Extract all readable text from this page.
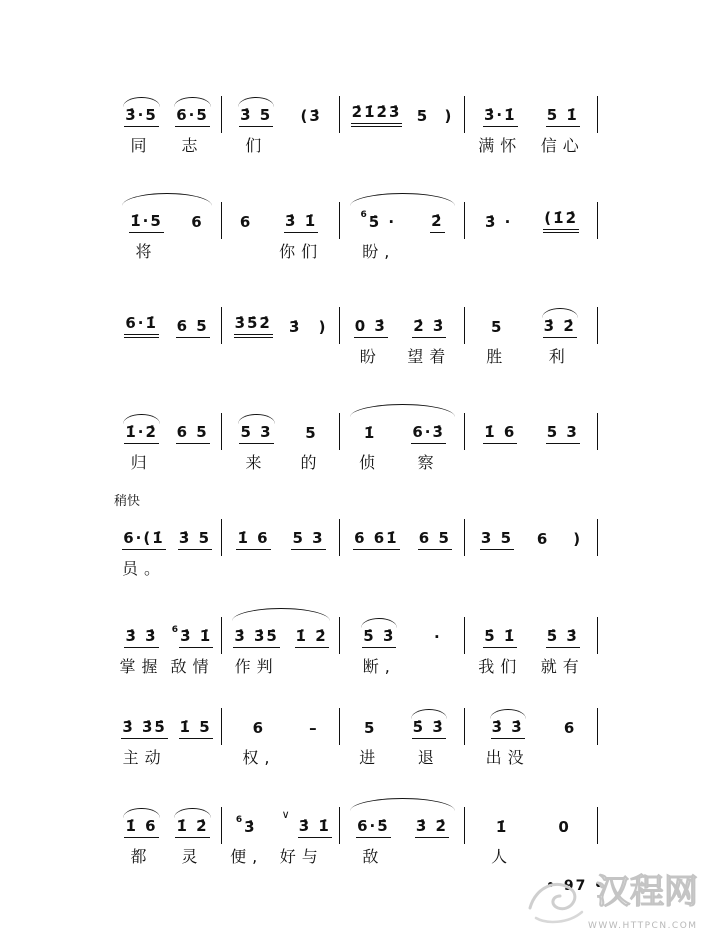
3̇·5
同
6·5
志
3̇ 5
们
(3̇ 2̇1̇2̇3̇ 5 ) 3̇·1̇
满怀
5 1̇
信心
1̇·5
将
6 6 3̇ 1̇
你们
6 5̇ ·
盼,
2̇	3̇ · (1̇2̇
6·1̇ 6 5 3̇5̇2̇ 3̇ ) 0 3̇
盼
2̇ 3̇
望着
5
胜
3̇ 2̇
利
1̇·2̇
归
6 5 5 3
来
5
的
1̇
侦
6·3̇
察
1̇ 6 5 3
稍快
6·(1̇
员。
3̇ 5 1̇ 6 5 3 6 61̇ 6 5 3 5 6 )
3̇ 3̇
掌握
6 3̇ 1̇
敌情
3̇ 3̇5̇
作判
1̇ 2̇ 5̇ 3̇
断,
·	5̇ 1̇
我们
5̇ 3̇
就有
3̇ 3̇5̇
主动
1̇ 5	6
权,
–	5
进
5̇ 3̇
退
3̇ 3̇
出没
6
1̇ 6
都
1̇ 2̇
灵
6 3̇
便,
∨
3̇ 1̇
好与
6·5̇
敌
3̇ 2̇	1̇
人
0
• 97 •
汉程网
WWW.HTTPCN.COM
